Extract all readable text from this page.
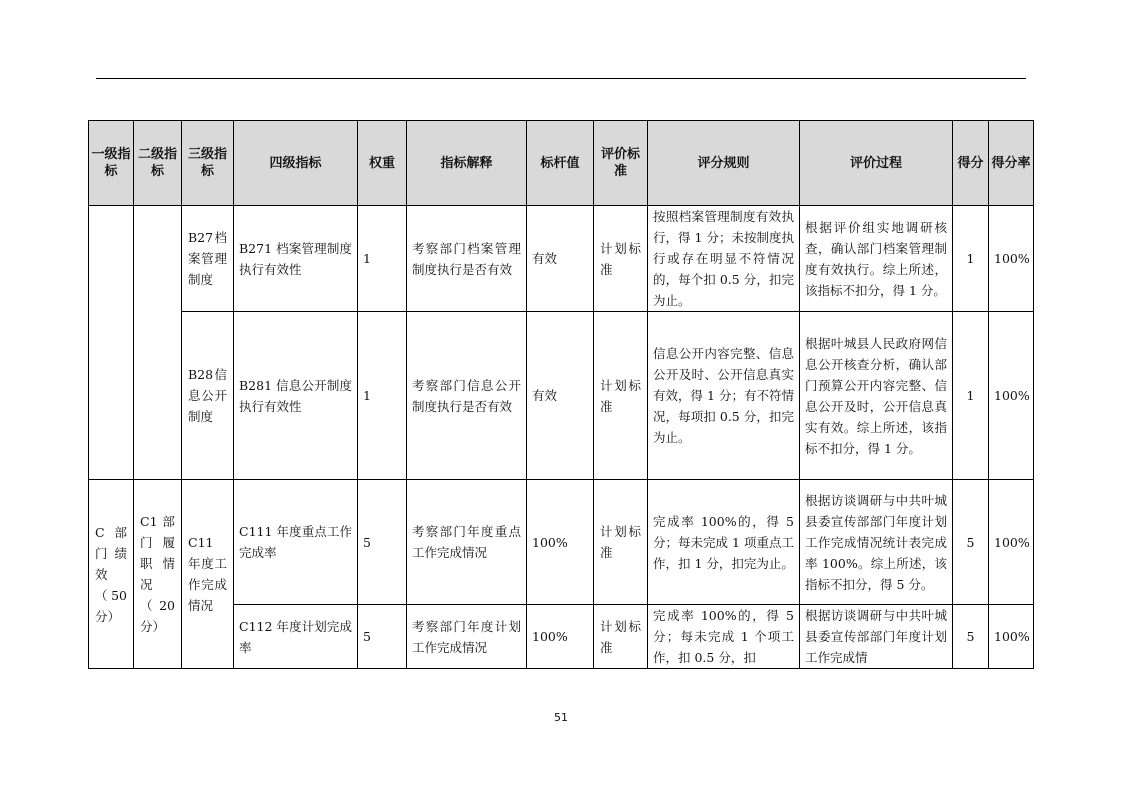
一级指标	二级指标	三级指标	四级指标	权重	指标解释	标杆值	评价标准	评分规则	评价过程	得分	得分率
		B27档案管理制度	B271 档案管理制度执行有效性	1	考察部门档案管理制度执行是否有效	有效	计划标准	按照档案管理制度有效执行，得 1 分；未按制度执行或存在明显不符情况的，每个扣 0.5 分，扣完为止。	根据评价组实地调研核查，确认部门档案管理制度有效执行。综上所述，该指标不扣分，得 1 分。	1	100%
		B28信息公开制度	B281 信息公开制度执行有效性	1	考察部门信息公开制度执行是否有效	有效	计划标准	信息公开内容完整、信息公开及时、公开信息真实有效，得 1 分；有不符情况，每项扣 0.5 分，扣完为止。	根据叶城县人民政府网信息公开核查分析，确认部门预算公开内容完整、信息公开及时，公开信息真实有效。综上所述，该指标不扣分，得 1 分。	1	100%
C 部门绩效（50 分）	C1 部门履职情况（20 分）	C11 年度工作完成情况	C111 年度重点工作完成率	5	考察部门年度重点工作完成情况	100%	计划标准	完成率 100%的，得 5 分；每未完成 1 项重点工作，扣 1 分，扣完为止。	根据访谈调研与中共叶城县委宣传部部门年度计划工作完成情况统计表完成率 100%。综上所述，该指标不扣分，得 5 分。	5	100%
			C112 年度计划完成率	5	考察部门年度计划工作完成情况	100%	计划标准	完成率 100%的，得 5 分；每未完成 1 个项工作，扣 0.5 分，扣	根据访谈调研与中共叶城县委宣传部部门年度计划工作完成情	5	100%
51
